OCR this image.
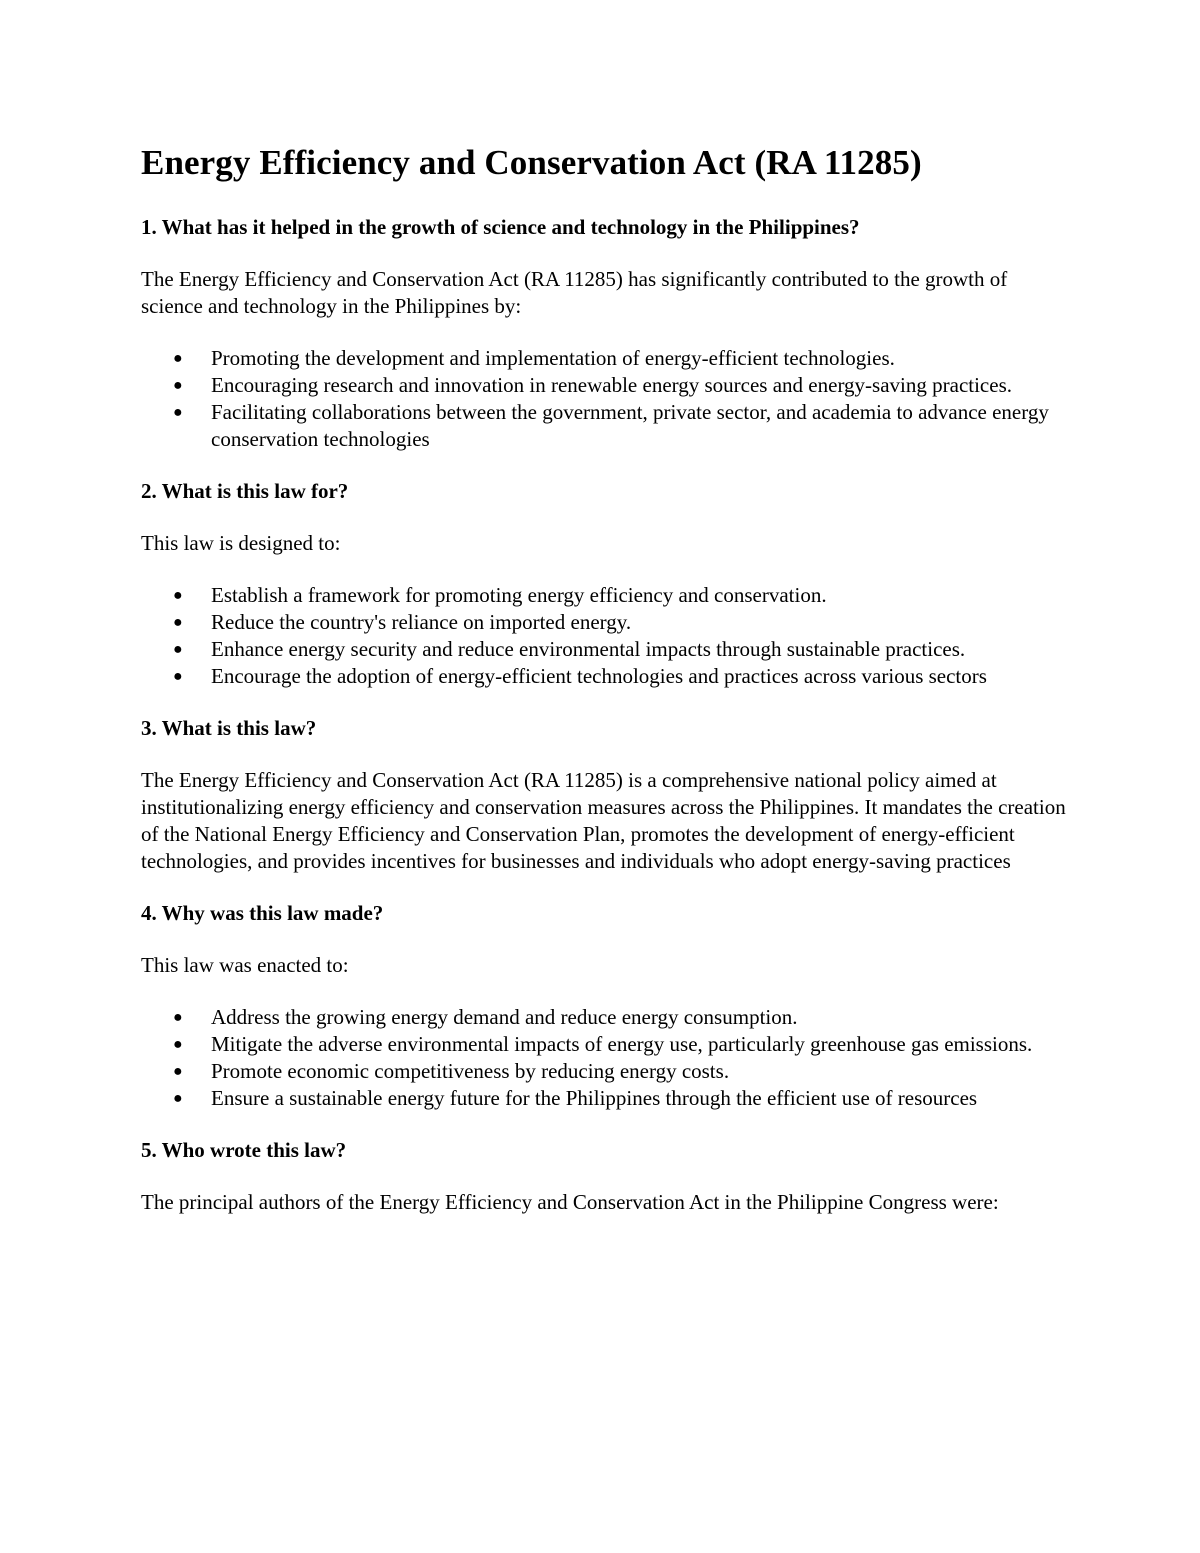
Energy Efficiency and Conservation Act (RA 11285)
1. What has it helped in the growth of science and technology in the Philippines?

The Energy Efficiency and Conservation Act (RA 11285) has significantly contributed to the growth of science and technology in the Philippines by:

● Promoting the development and implementation of energy-efficient technologies.
● Encouraging research and innovation in renewable energy sources and energy-saving practices.
● Facilitating collaborations between the government, private sector, and academia to advance energy conservation technologies
2. What is this law for?

This law is designed to:

● Establish a framework for promoting energy efficiency and conservation.
● Reduce the country's reliance on imported energy.
● Enhance energy security and reduce environmental impacts through sustainable practices.
● Encourage the adoption of energy-efficient technologies and practices across various sectors
3. What is this law?

The Energy Efficiency and Conservation Act (RA 11285) is a comprehensive national policy aimed at institutionalizing energy efficiency and conservation measures across the Philippines. It mandates the creation of the National Energy Efficiency and Conservation Plan, promotes the development of energy-efficient technologies, and provides incentives for businesses and individuals who adopt energy-saving practices

4. Why was this law made?

This law was enacted to:

● Address the growing energy demand and reduce energy consumption.
● Mitigate the adverse environmental impacts of energy use, particularly greenhouse gas emissions.
● Promote economic competitiveness by reducing energy costs.
● Ensure a sustainable energy future for the Philippines through the efficient use of resources
5. Who wrote this law?

The principal authors of the Energy Efficiency and Conservation Act in the Philippine Congress were:
